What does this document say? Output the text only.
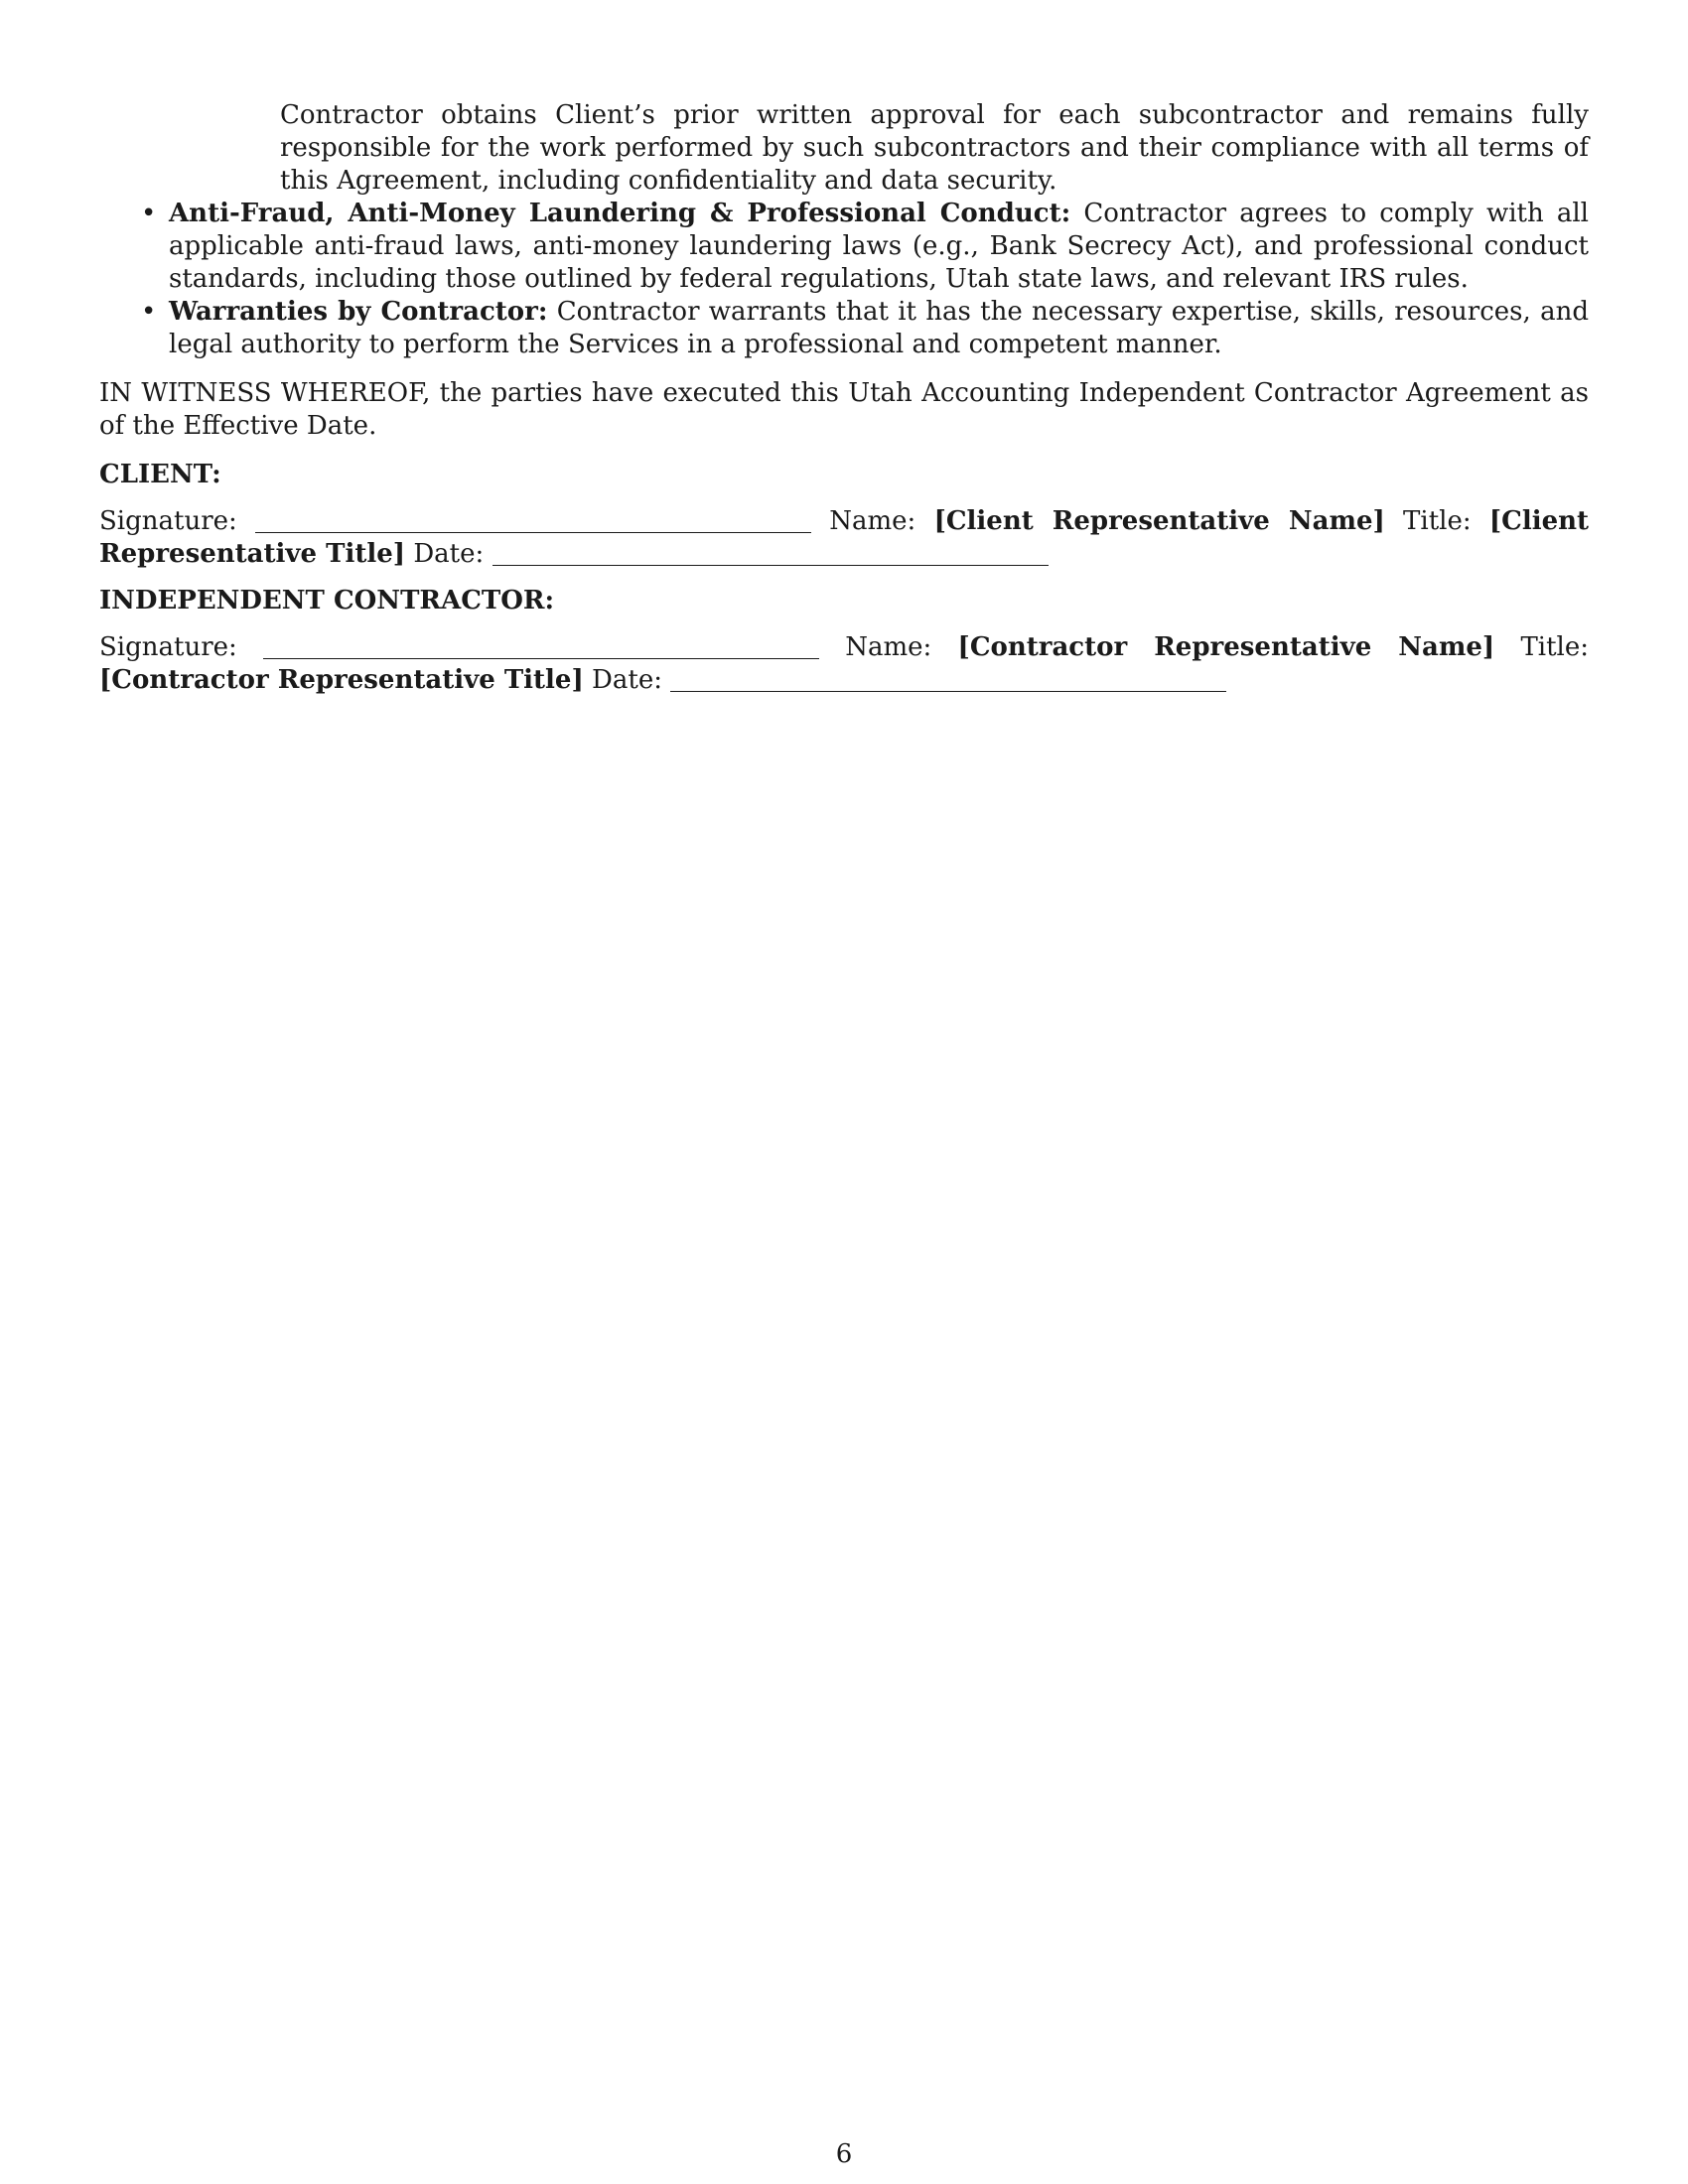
Contractor obtains Client’s prior written approval for each subcontractor and remains fully responsible for the work performed by such subcontractors and their compliance with all terms of this Agreement, including confidentiality and data security.

• Anti-Fraud, Anti-Money Laundering & Professional Conduct: Contractor agrees to comply with all applicable anti-fraud laws, anti-money laundering laws (e.g., Bank Secrecy Act), and professional conduct standards, including those outlined by federal regulations, Utah state laws, and relevant IRS rules.
• Warranties by Contractor: Contractor warrants that it has the necessary expertise, skills, resources, and legal authority to perform the Services in a professional and competent manner.

IN WITNESS WHEREOF, the parties have executed this Utah Accounting Independent Contractor Agreement as of the Effective Date.

CLIENT:

Signature:	Name: [Client Representative Name] Title: [Client Representative Title] Date:

INDEPENDENT CONTRACTOR:

Signature:	Name: [Contractor Representative Name] Title: [Contractor Representative Title] Date:

6
